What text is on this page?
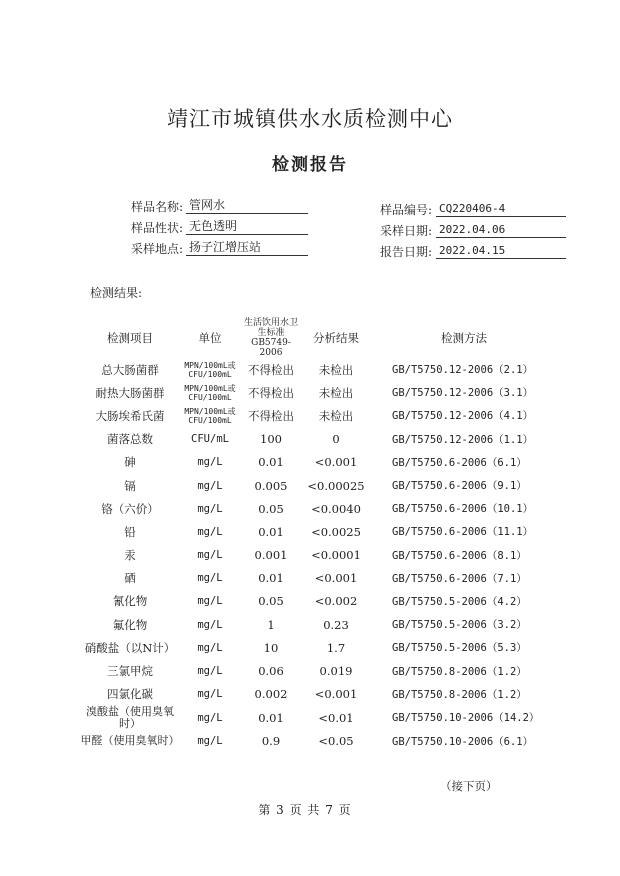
靖江市城镇供水水质检测中心
检测报告
样品名称: 管网水
样品性状: 无色透明
采样地点: 扬子江增压站
样品编号: CQ220406-4
采样日期: 2022.04.06
报告日期: 2022.04.15
检测结果:
检测项目	单位	生活饮用水卫生标准GB5749-2006	分析结果	检测方法
总大肠菌群	MPN/100mL或CFU/100mL	不得检出	未检出	GB/T5750.12-2006（2.1）
耐热大肠菌群	MPN/100mL或CFU/100mL	不得检出	未检出	GB/T5750.12-2006（3.1）
大肠埃希氏菌	MPN/100mL或CFU/100mL	不得检出	未检出	GB/T5750.12-2006（4.1）
菌落总数	CFU/mL	100	0	GB/T5750.12-2006（1.1）
砷	mg/L	0.01	<0.001	GB/T5750.6-2006（6.1）
镉	mg/L	0.005	<0.00025	GB/T5750.6-2006（9.1）
铬（六价）	mg/L	0.05	<0.0040	GB/T5750.6-2006（10.1）
铅	mg/L	0.01	<0.0025	GB/T5750.6-2006（11.1）
汞	mg/L	0.001	<0.0001	GB/T5750.6-2006（8.1）
硒	mg/L	0.01	<0.001	GB/T5750.6-2006（7.1）
氰化物	mg/L	0.05	<0.002	GB/T5750.5-2006（4.2）
氟化物	mg/L	1	0.23	GB/T5750.5-2006（3.2）
硝酸盐（以N计）	mg/L	10	1.7	GB/T5750.5-2006（5.3）
三氯甲烷	mg/L	0.06	0.019	GB/T5750.8-2006（1.2）
四氯化碳	mg/L	0.002	<0.001	GB/T5750.8-2006（1.2）
溴酸盐（使用臭氧时）	mg/L	0.01	<0.01	GB/T5750.10-2006（14.2）
甲醛（使用臭氧时）	mg/L	0.9	<0.05	GB/T5750.10-2006（6.1）
（接下页）
第 3 页 共 7 页
